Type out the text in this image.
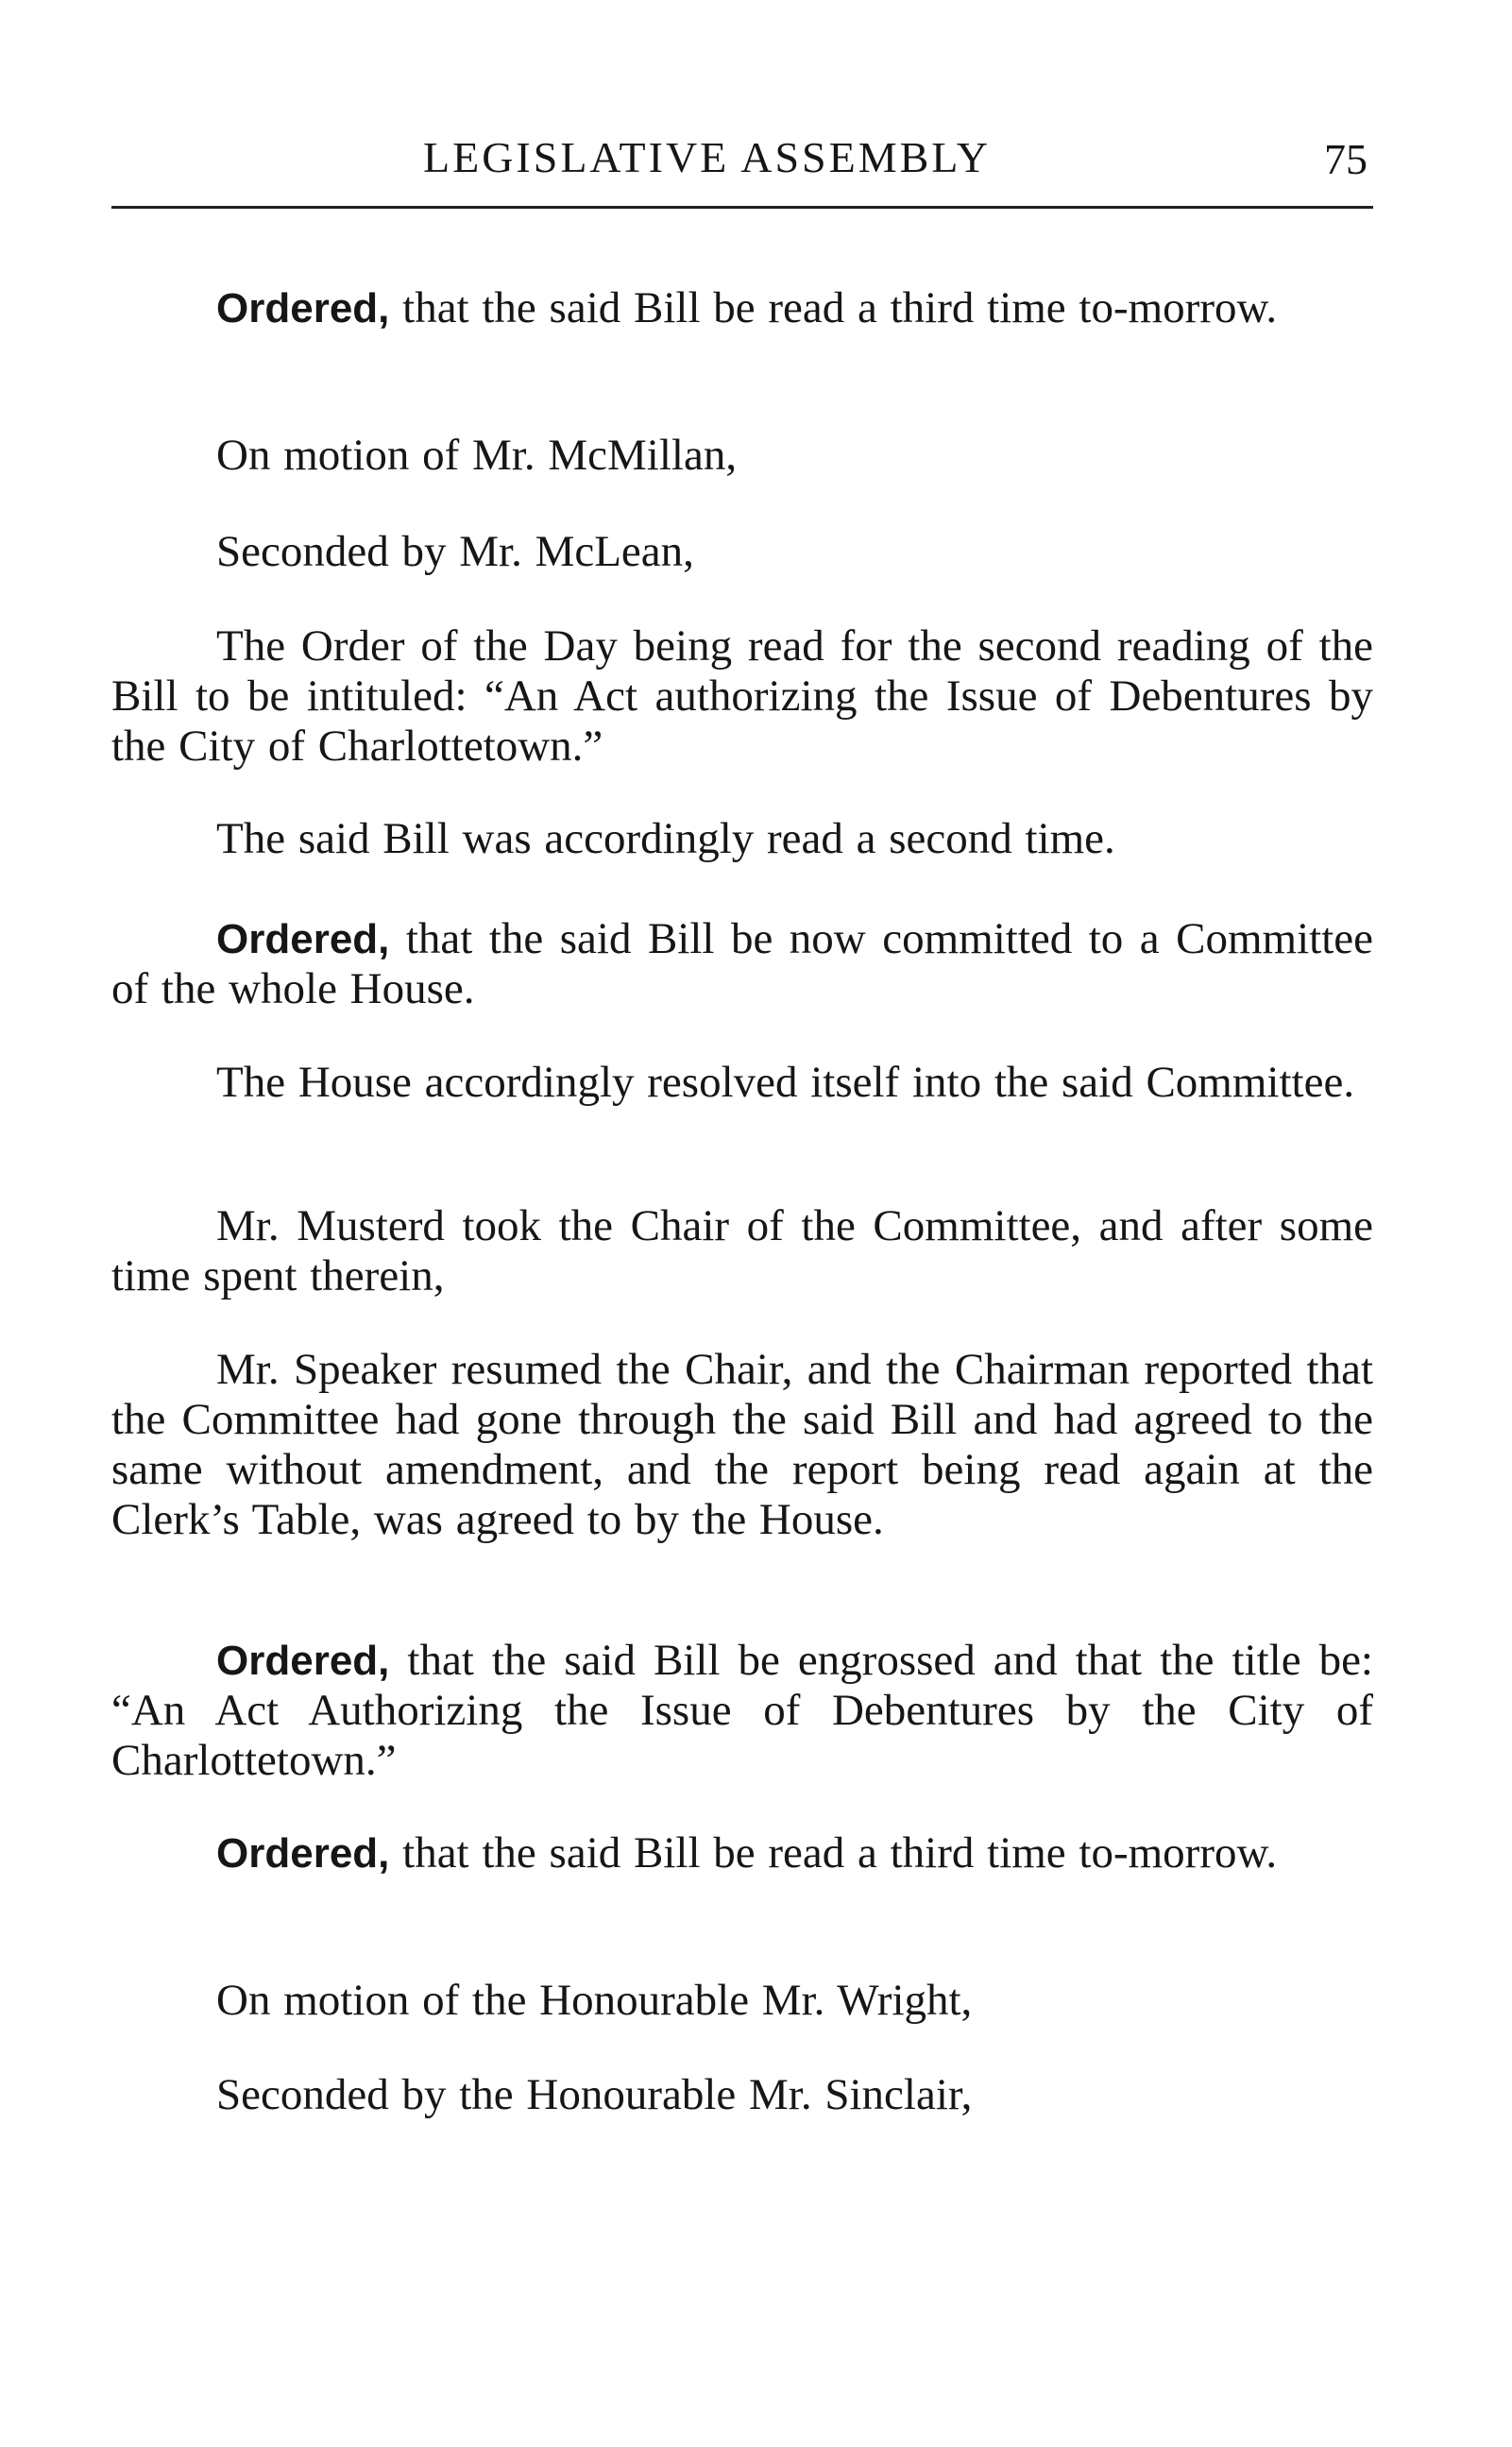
LEGISLATIVE ASSEMBLY	75

Ordered, that the said Bill be read a third time to-morrow.

On motion of Mr. McMillan,

Seconded by Mr. McLean,

The Order of the Day being read for the second reading of the Bill to be intituled: “An Act authorizing the Issue of Debentures by the City of Charlottetown.”

The said Bill was accordingly read a second time.

Ordered, that the said Bill be now committed to a Committee of the whole House.

The House accordingly resolved itself into the said Committee.

Mr. Musterd took the Chair of the Committee, and after some time spent therein,

Mr. Speaker resumed the Chair, and the Chairman reported that the Committee had gone through the said Bill and had agreed to the same without amendment, and the report being read again at the Clerk’s Table, was agreed to by the House.

Ordered, that the said Bill be engrossed and that the title be: “An Act Authorizing the Issue of Debentures by the City of Charlottetown.”

Ordered, that the said Bill be read a third time to-morrow.

On motion of the Honourable Mr. Wright,

Seconded by the Honourable Mr. Sinclair,
